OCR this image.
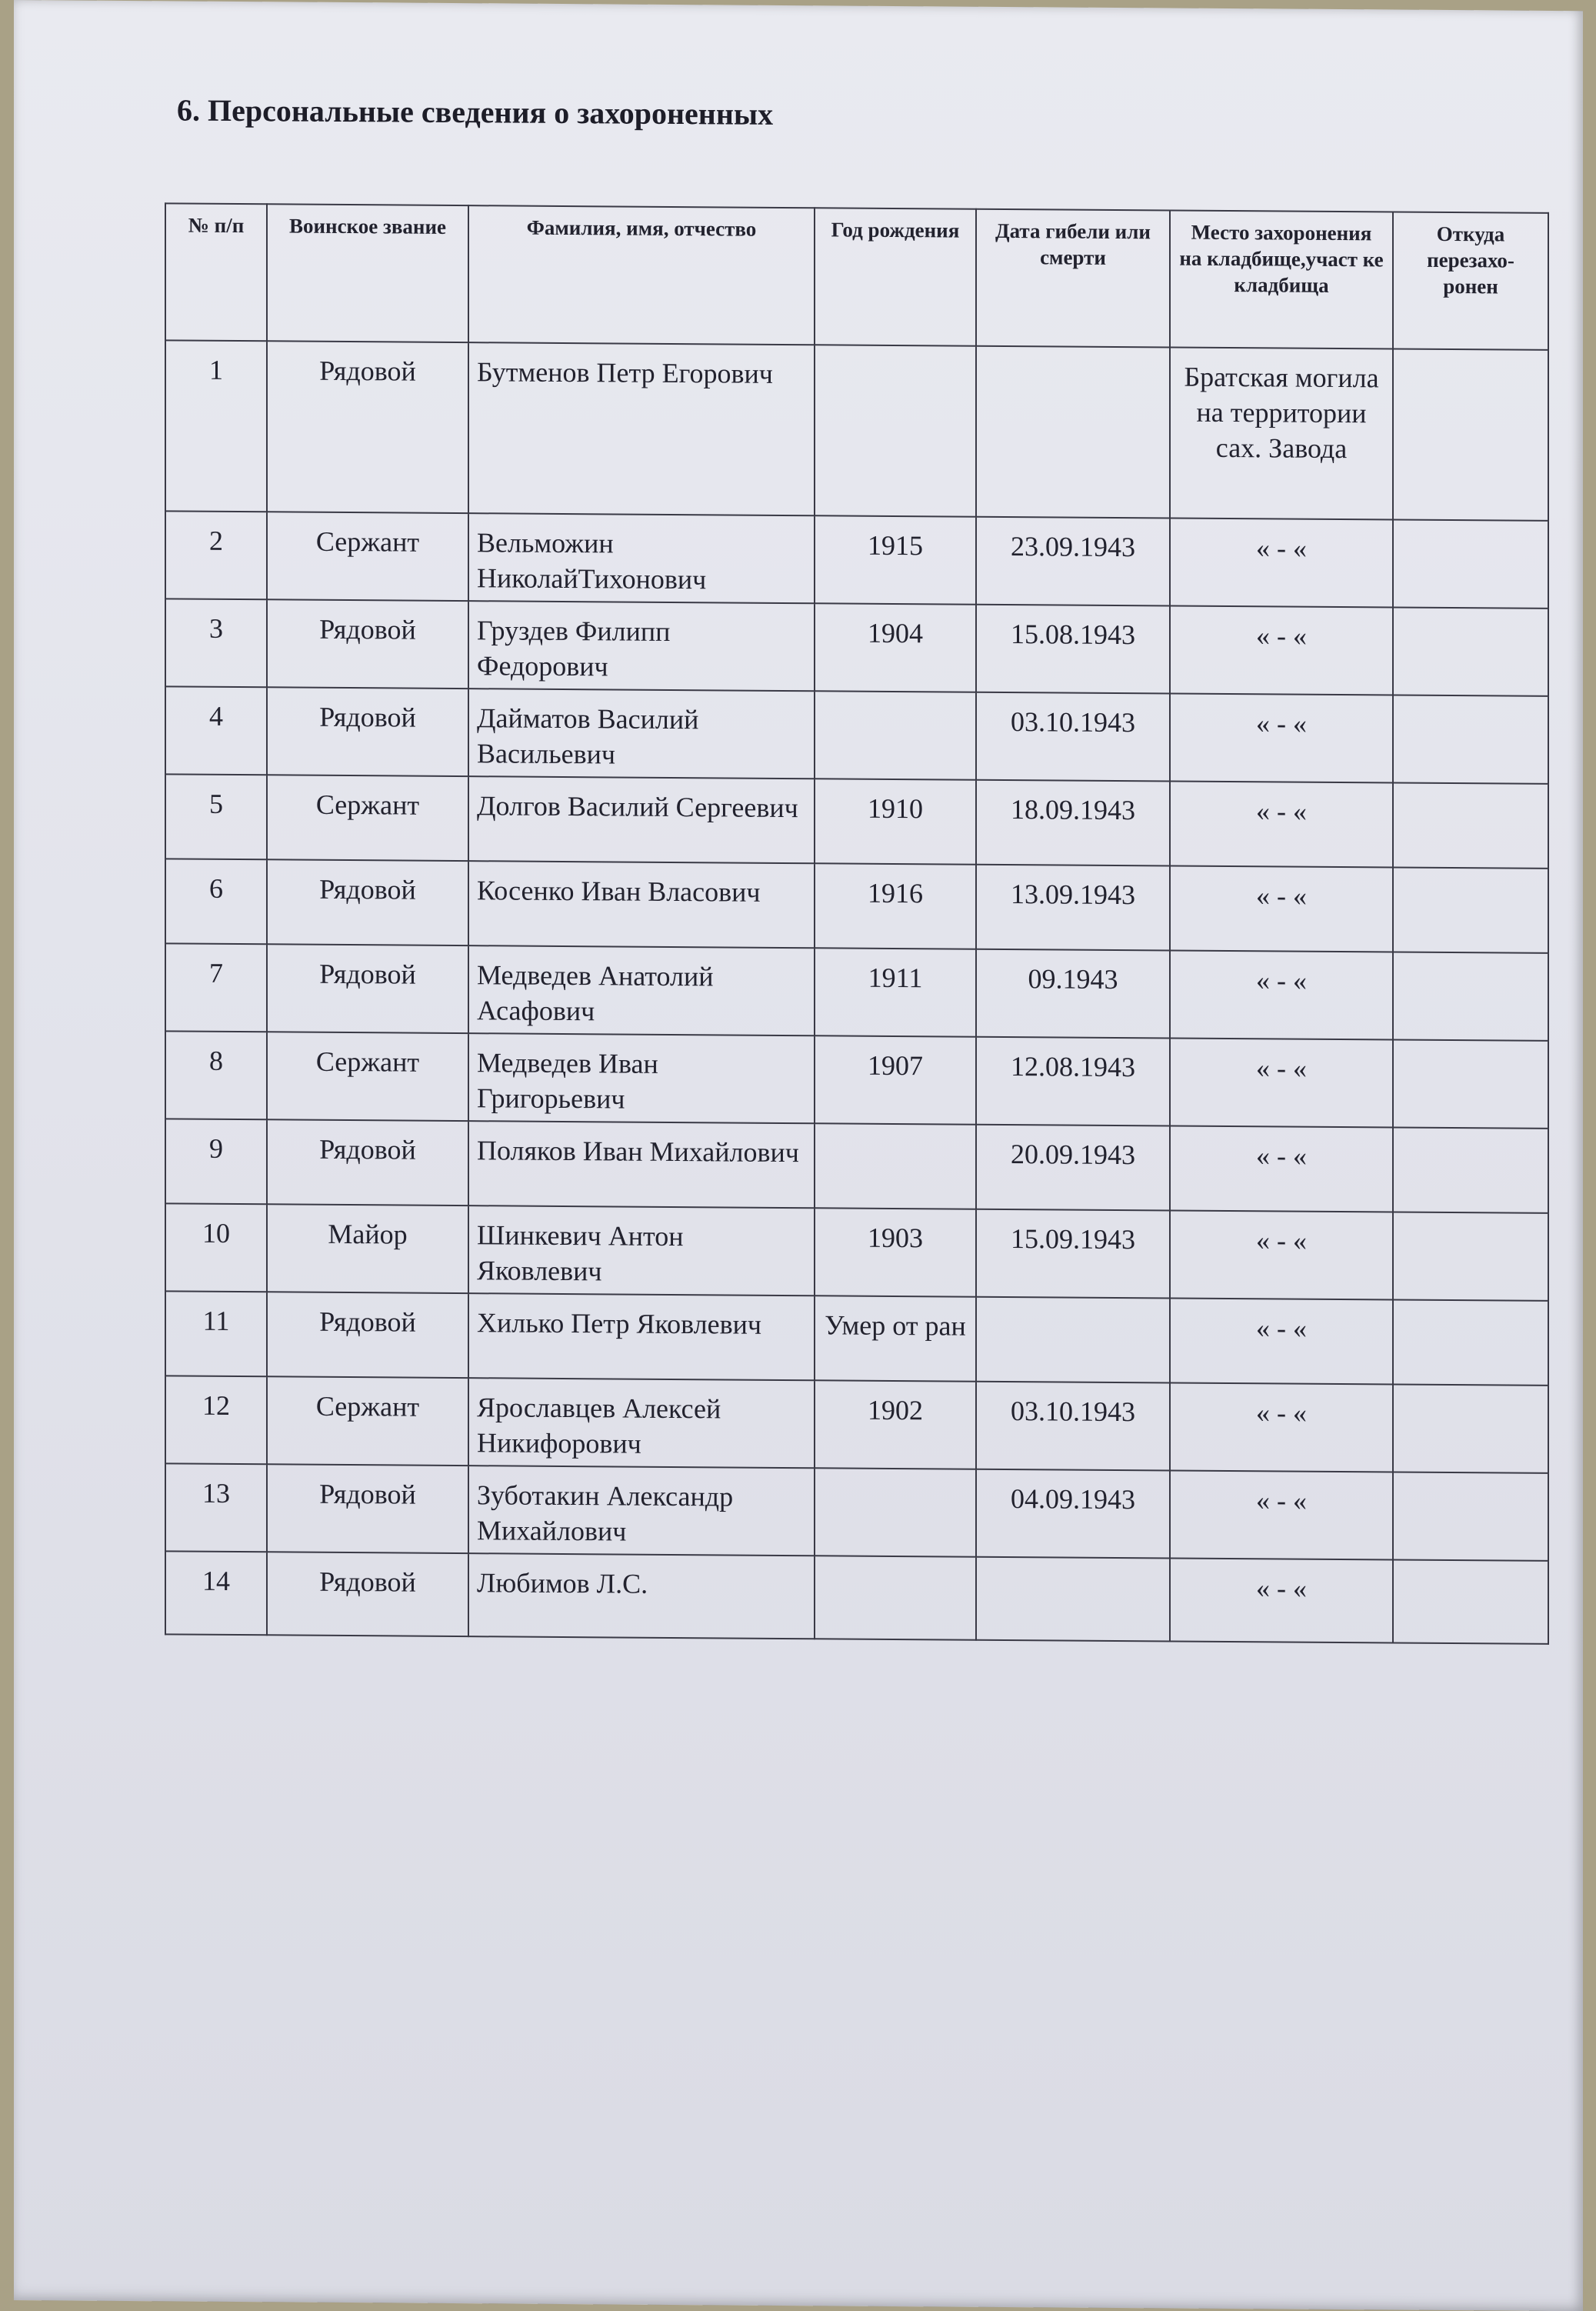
6. Персональные сведения о захороненных
№ п/п	Воинское звание	Фамилия, имя, отчество	Год рождения	Дата гибели или смерти	Место захоронения на кладбище,участ ке кладбища	Откуда перезахо-ронен
1	Рядовой	Бутменов Петр Егорович			Братская могила на территории сах. Завода	
2	Сержант	Вельможин НиколайТихонович	1915	23.09.1943	« - «	
3	Рядовой	Груздев Филипп Федорович	1904	15.08.1943	« - «	
4	Рядовой	Дайматов Василий Васильевич		03.10.1943	« - «	
5	Сержант	Долгов Василий Сергеевич	1910	18.09.1943	« - «	
6	Рядовой	Косенко Иван Власович	1916	13.09.1943	« - «	
7	Рядовой	Медведев Анатолий Асафович	1911	09.1943	« - «	
8	Сержант	Медведев Иван Григорьевич	1907	12.08.1943	« - «	
9	Рядовой	Поляков Иван Михайлович		20.09.1943	« - «	
10	Майор	Шинкевич Антон Яковлевич	1903	15.09.1943	« - «	
11	Рядовой	Хилько Петр Яковлевич	Умер от ран		« - «	
12	Сержант	Ярославцев Алексей Никифорович	1902	03.10.1943	« - «	
13	Рядовой	Зуботакин Александр Михайлович		04.09.1943	« - «	
14	Рядовой	Любимов Л.С.			« - «	
